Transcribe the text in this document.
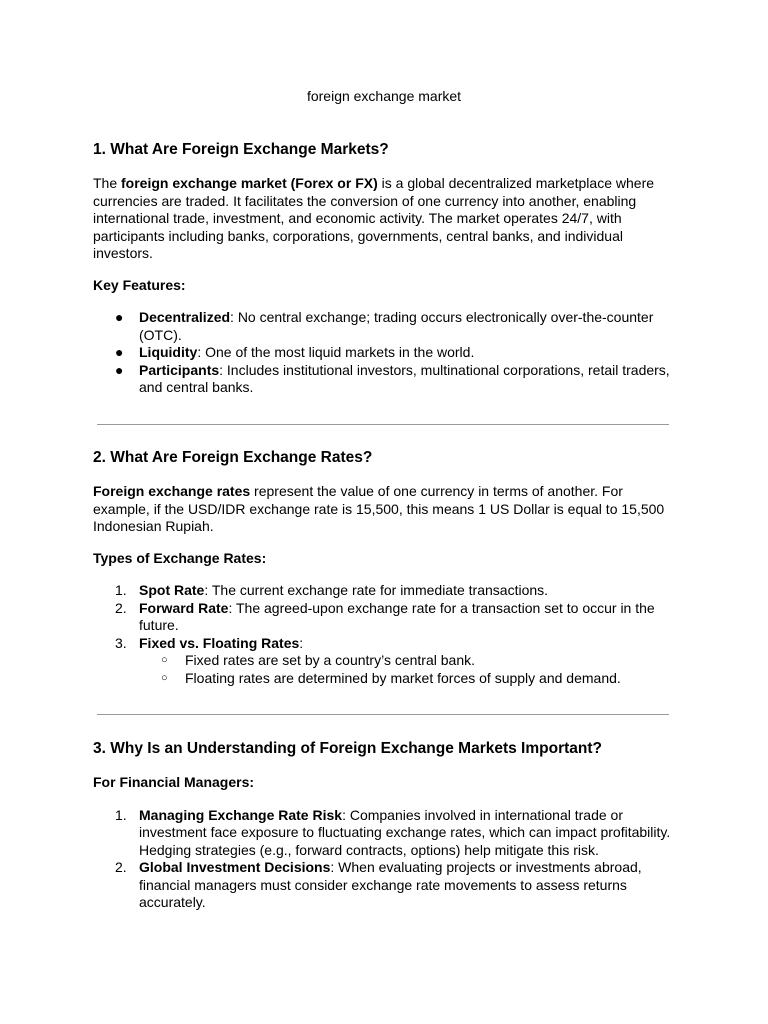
foreign exchange market
1. What Are Foreign Exchange Markets?

The foreign exchange market (Forex or FX) is a global decentralized marketplace where currencies are traded. It facilitates the conversion of one currency into another, enabling international trade, investment, and economic activity. The market operates 24/7, with participants including banks, corporations, governments, central banks, and individual investors.

Key Features:
●	Decentralized: No central exchange; trading occurs electronically over-the-counter (OTC).
●	Liquidity: One of the most liquid markets in the world.
●	Participants: Includes institutional investors, multinational corporations, retail traders, and central banks.
2. What Are Foreign Exchange Rates?

Foreign exchange rates represent the value of one currency in terms of another. For example, if the USD/IDR exchange rate is 15,500, this means 1 US Dollar is equal to 15,500 Indonesian Rupiah.

Types of Exchange Rates:
1. Spot Rate: The current exchange rate for immediate transactions.
2. Forward Rate: The agreed-upon exchange rate for a transaction set to occur in the future.
3. Fixed vs. Floating Rates:
○	Fixed rates are set by a country’s central bank.
○	Floating rates are determined by market forces of supply and demand.
3. Why Is an Understanding of Foreign Exchange Markets Important?
For Financial Managers:
1. Managing Exchange Rate Risk: Companies involved in international trade or investment face exposure to fluctuating exchange rates, which can impact profitability. Hedging strategies (e.g., forward contracts, options) help mitigate this risk.
2. Global Investment Decisions: When evaluating projects or investments abroad, financial managers must consider exchange rate movements to assess returns accurately.
